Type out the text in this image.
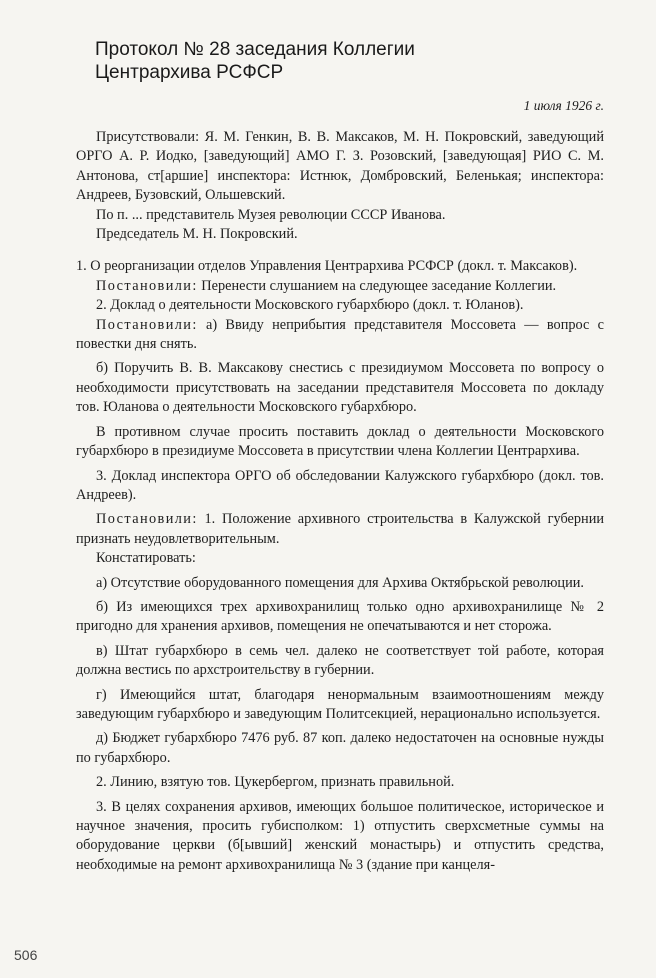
Протокол № 28 заседания Коллегии
Центрархива РСФСР
1 июля 1926 г.

Присутствовали: Я. М. Генкин, В. В. Максаков, М. Н. Покровский, заведующий ОРГО А. Р. Иодко, [заведующий] АМО Г. З. Розовский, [заведующая] РИО С. М. Антонова, ст[аршие] инспектора: Истнюк, Домбровский, Беленькая; инспектора: Андреев, Бузовский, Ольшевский.

По п. ... представитель Музея революции СССР Иванова.

Председатель М. Н. Покровский.

1. О реорганизации отделов Управления Центрархива РСФСР (докл. т. Максаков).

Постановили: Перенести слушанием на следующее заседание Коллегии.

2. Доклад о деятельности Московского губархбюро (докл. т. Юланов).

Постановили: а) Ввиду неприбытия представителя Моссовета — вопрос с повестки дня снять.

б) Поручить В. В. Максакову снестись с президиумом Моссовета по вопросу о необходимости присутствовать на заседании представителя Моссовета по докладу тов. Юланова о деятельности Московского губархбюро.

В противном случае просить поставить доклад о деятельности Московского губархбюро в президиуме Моссовета в присутствии члена Коллегии Центрархива.

3. Доклад инспектора ОРГО об обследовании Калужского губархбюро (докл. тов. Андреев).

Постановили: 1. Положение архивного строительства в Калужской губернии признать неудовлетворительным.

Констатировать:

а) Отсутствие оборудованного помещения для Архива Октябрьской революции.

б) Из имеющихся трех архивохранилищ только одно архивохранилище № 2 пригодно для хранения архивов, помещения не опечатываются и нет сторожа.

в) Штат губархбюро в семь чел. далеко не соответствует той работе, которая должна вестись по архстроительству в губернии.

г) Имеющийся штат, благодаря ненормальным взаимоотношениям между заведующим губархбюро и заведующим Политсекцией, нерационально используется.

д) Бюджет губархбюро 7476 руб. 87 коп. далеко недостаточен на основные нужды по губархбюро.

2. Линию, взятую тов. Цукербергом, признать правильной.

3. В целях сохранения архивов, имеющих большое политическое, историческое и научное значения, просить губисполком: 1) отпустить сверхсметные суммы на оборудование церкви (б[ывший] женский монастырь) и отпустить средства, необходимые на ремонт архивохранилища № 3 (здание при канцеля-

506
